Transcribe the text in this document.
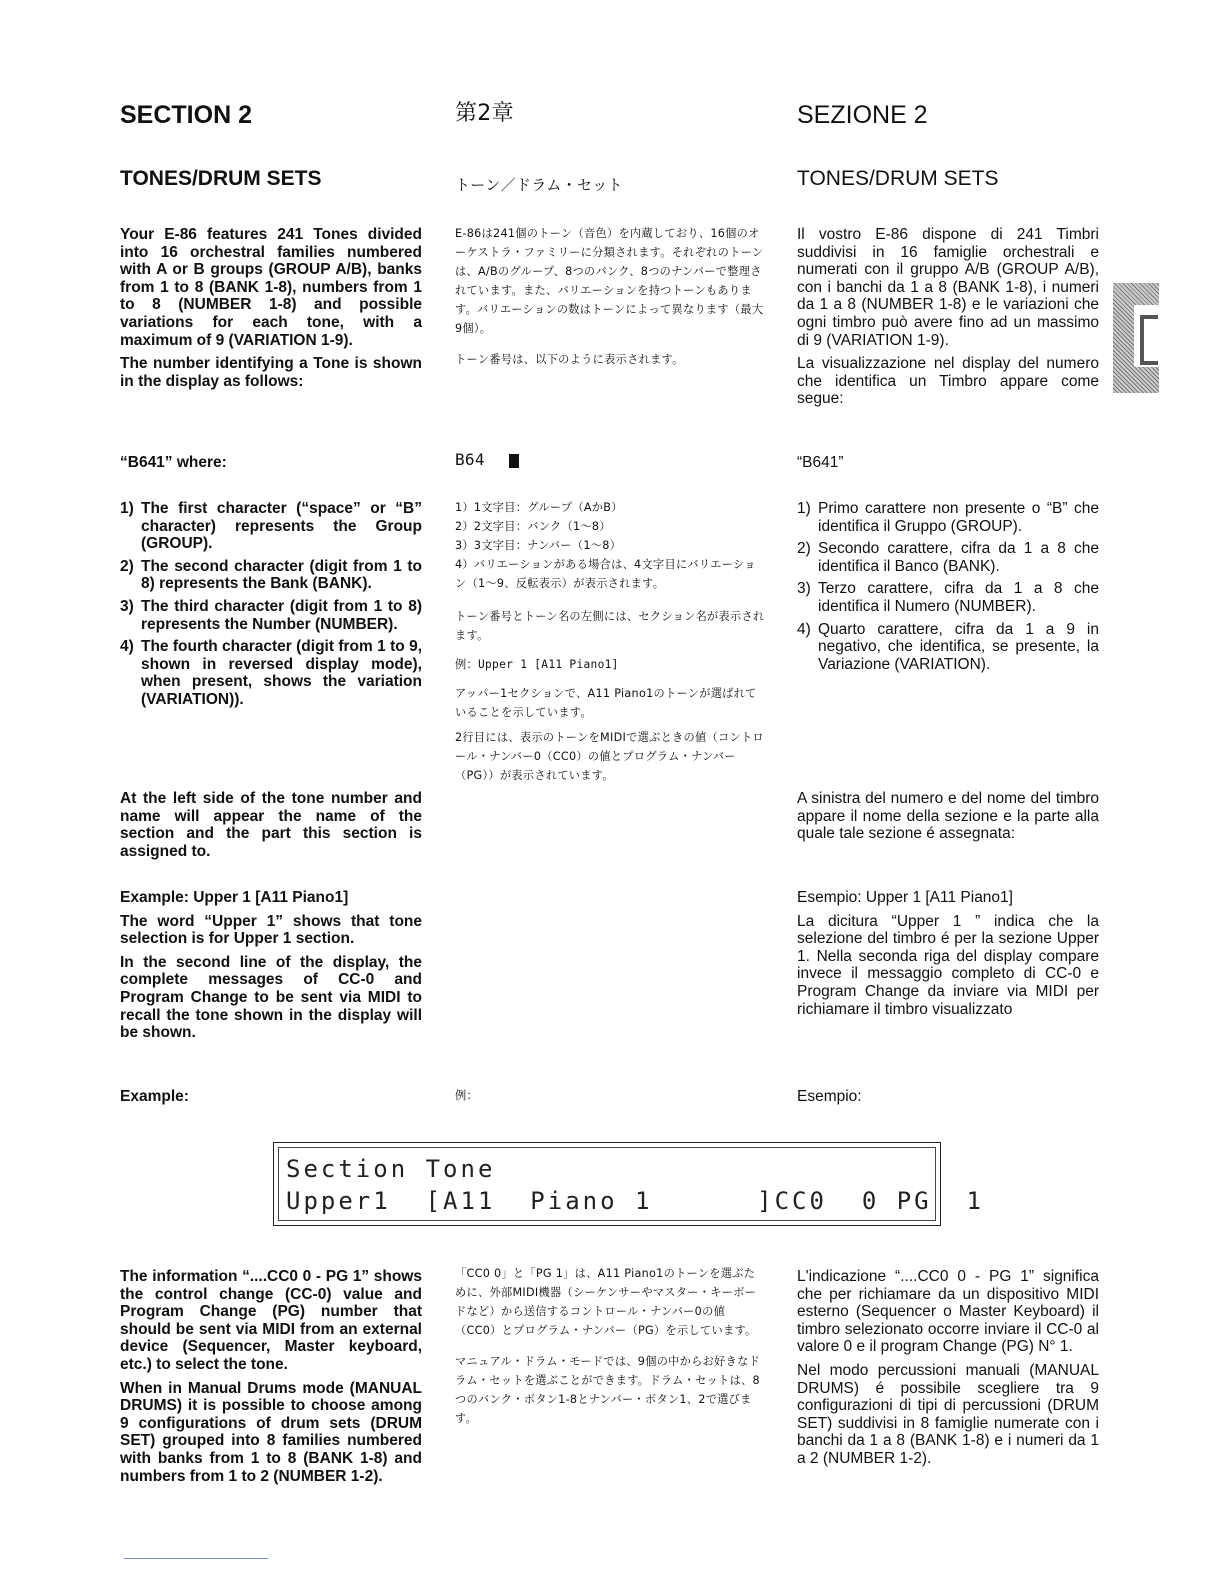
SECTION 2	第2章	SEZIONE 2
TONES/DRUM SETS	トーン／ドラム・セット	TONES/DRUM SETS

Your E-86 features 241 Tones divided into 16 orchestral families numbered with A or B groups (GROUP A/B), banks from 1 to 8 (BANK 1-8), numbers from 1 to 8 (NUMBER 1-8) and possible variations for each tone, with a maximum of 9 (VARIATION 1-9).

The number identifying a Tone is shown in the display as follows:

E-86は241個のトーン（音色）を内蔵しており、16個のオーケストラ・ファミリーに分類されます。それぞれのトーンは、A/Bのグループ、8つのバンク、8つのナンバーで整理されています。また、バリエーションを持つトーンもあります。バリエーションの数はトーンによって異なります（最大9個）。

トーン番号は、以下のように表示されます。

Il vostro E-86 dispone di 241 Timbri suddivisi in 16 famiglie orchestrali e numerati con il gruppo A/B (GROUP A/B), con i banchi da 1 a 8 (BANK 1-8), i numeri da 1 a 8 (NUMBER 1-8) e le variazioni che ogni timbro può avere fino ad un massimo di 9 (VARIATION 1-9).

La visualizzazione nel display del numero che identifica un Timbro appare come segue:

“B641” where:	B64	“B641”
1) The first character (“space” or “B” character) represents the Group (GROUP).
2) The second character (digit from 1 to 8) represents the Bank (BANK).
3) The third character (digit from 1 to 8) represents the Number (NUMBER).
4) The fourth character (digit from 1 to 9, shown in reversed display mode), when present, shows the variation (VARIATION)).
1）1文字目：グループ（AかB）
2）2文字目：バンク（1〜8）
3）3文字目：ナンバー（1〜8）
4）バリエーションがある場合は、4文字目にバリエーション（1〜9、反転表示）が表示されます。

トーン番号とトーン名の左側には、セクション名が表示されます。

例：Upper 1 [A11 Piano1]

アッパー1セクションで、A11 Piano1のトーンが選ばれていることを示しています。

2行目には、表示のトーンをMIDIで選ぶときの値（コントロール・ナンバー0（CC0）の値とプログラム・ナンバー（PG））が表示されています。

1) Primo carattere non presente o “B” che identifica il Gruppo (GROUP).
2) Secondo carattere, cifra da 1 a 8 che identifica il Banco (BANK).
3) Terzo carattere, cifra da 1 a 8 che identifica il Numero (NUMBER).
4) Quarto carattere, cifra da 1 a 9 in negativo, che identifica, se presente, la Variazione (VARIATION).
At the left side of the tone number and name will appear the name of the section and the part this section is assigned to.
A sinistra del numero e del nome del timbro appare il nome della sezione e la parte alla quale tale sezione é assegnata:

Example: Upper 1 [A11 Piano1]

The word “Upper 1” shows that tone selection is for Upper 1 section.

In the second line of the display, the complete messages of CC-0 and Program Change to be sent via MIDI to recall the tone shown in the display will be shown.

Esempio: Upper 1 [A11 Piano1]

La dicitura “Upper 1 ” indica che la selezione del timbro é per la sezione Upper 1. Nella seconda riga del display compare invece il messaggio completo di CC-0 e Program Change da inviare via MIDI per richiamare il timbro visualizzato

Example:	例：	Esempio:
Section Tone
Upper1  [A11  Piano 1      ]CC0  0 PG  1

The information “....CC0 0 - PG 1” shows the control change (CC-0) value and Program Change (PG) number that should be sent via MIDI from an external device (Sequencer, Master keyboard, etc.) to select the tone.

When in Manual Drums mode (MANUAL DRUMS) it is possible to choose among 9 configurations of drum sets (DRUM SET) grouped into 8 families numbered with banks from 1 to 8 (BANK 1-8) and numbers from 1 to 2 (NUMBER 1-2).

「CC0 0」と「PG 1」は、A11 Piano1のトーンを選ぶために、外部MIDI機器（シーケンサーやマスター・キーボードなど）から送信するコントロール・ナンバー0の値（CC0）とプログラム・ナンバー（PG）を示しています。

マニュアル・ドラム・モードでは、9個の中からお好きなドラム・セットを選ぶことができます。ドラム・セットは、8つのバンク・ボタン1-8とナンバー・ボタン1、2で選びます。

L'indicazione “....CC0 0 - PG 1” significa che per richiamare da un dispositivo MIDI esterno (Sequencer o Master Keyboard) il timbro selezionato occorre inviare il CC-0 al valore 0 e il program Change (PG) N° 1.

Nel modo percussioni manuali (MANUAL DRUMS) é possibile scegliere tra 9 configurazioni di tipi di percussioni (DRUM SET) suddivisi in 8 famiglie numerate con i banchi da 1 a 8 (BANK 1-8) e i numeri da 1 a 2 (NUMBER 1-2).
